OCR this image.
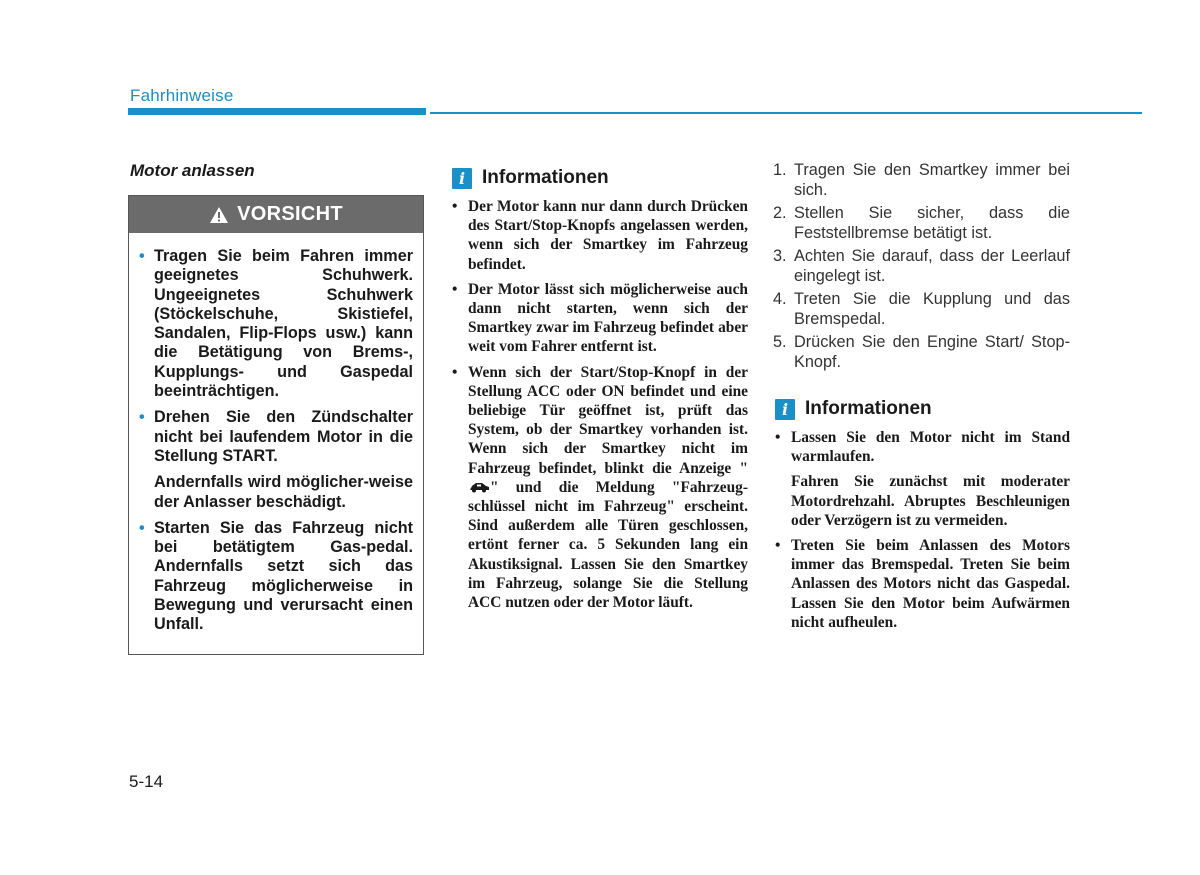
Fahrhinweise
Motor anlassen
VORSICHT
• Tragen Sie beim Fahren immer geeignetes Schuhwerk. Ungeeignetes Schuhwerk (Stöckelschuhe, Skistiefel, Sandalen, Flip-Flops usw.) kann die Betätigung von Brems-, Kupplungs- und Gaspedal beeinträchtigen.
• Drehen Sie den Zündschalter nicht bei laufendem Motor in die Stellung START.
Andernfalls wird möglicher-weise der Anlasser beschädigt.
• Starten Sie das Fahrzeug nicht bei betätigtem Gas-pedal. Andernfalls setzt sich das Fahrzeug möglicherweise in Bewegung und verursacht einen Unfall.
i Informationen
• Der Motor kann nur dann durch Drücken des Start/Stop-Knopfs angelassen werden, wenn sich der Smartkey im Fahrzeug befindet.
• Der Motor lässt sich möglicherweise auch dann nicht starten, wenn sich der Smartkey zwar im Fahrzeug befindet aber weit vom Fahrer entfernt ist.
• Wenn sich der Start/Stop-Knopf in der Stellung ACC oder ON befindet und eine beliebige Tür geöffnet ist, prüft das System, ob der Smartkey vorhanden ist. Wenn sich der Smartkey nicht im Fahrzeug befindet, blinkt die Anzeige "" und die Meldung "Fahrzeug-schlüssel nicht im Fahrzeug" erscheint. Sind außerdem alle Türen geschlossen, ertönt ferner ca. 5 Sekunden lang ein Akustiksignal. Lassen Sie den Smartkey im Fahrzeug, solange Sie die Stellung ACC nutzen oder der Motor läuft.
1. Tragen Sie den Smartkey immer bei sich.
2. Stellen Sie sicher, dass die Feststellbremse betätigt ist.
3. Achten Sie darauf, dass der Leerlauf eingelegt ist.
4. Treten Sie die Kupplung und das Bremspedal.
5. Drücken Sie den Engine Start/ Stop-Knopf.
i Informationen
• Lassen Sie den Motor nicht im Stand warmlaufen.
Fahren Sie zunächst mit moderater Motordrehzahl. Abruptes Beschleunigen oder Verzögern ist zu vermeiden.
• Treten Sie beim Anlassen des Motors immer das Bremspedal. Treten Sie beim Anlassen des Motors nicht das Gaspedal. Lassen Sie den Motor beim Aufwärmen nicht aufheulen.
5-14
